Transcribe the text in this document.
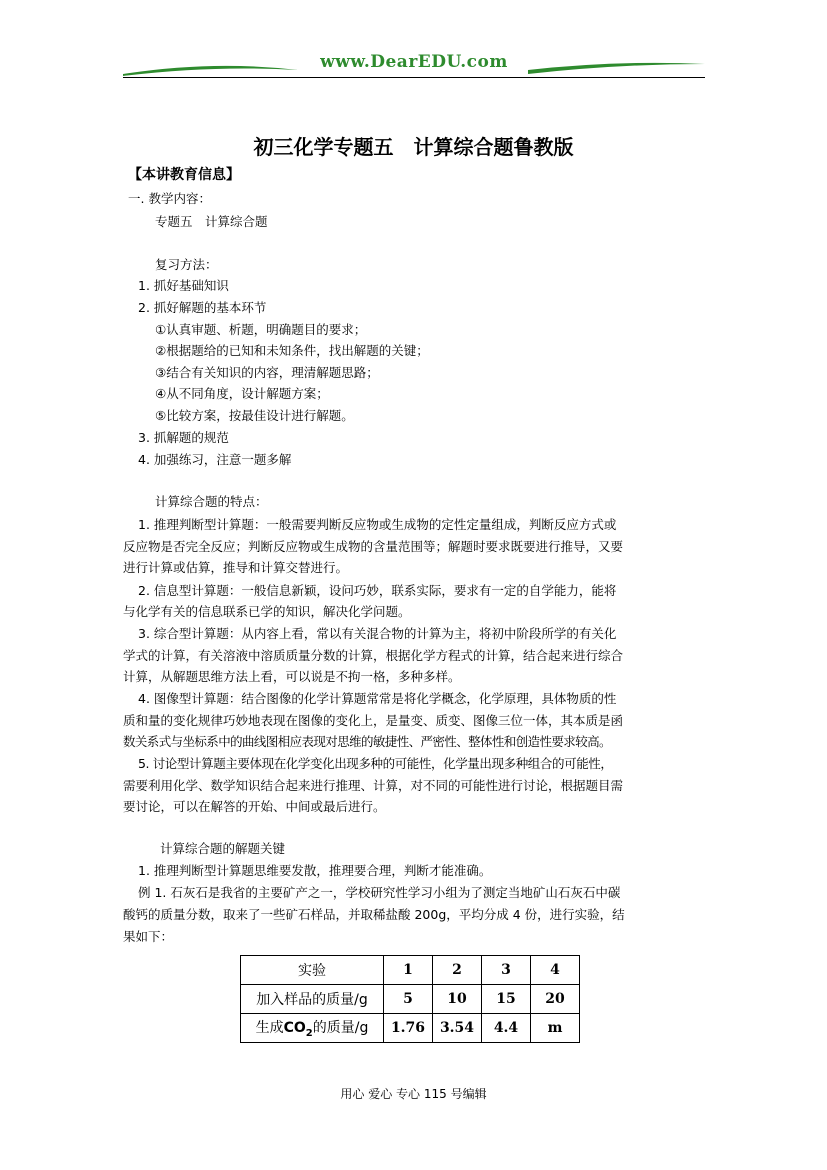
www.DearEDU.com
初三化学专题五　计算综合题鲁教版
【本讲教育信息】
一. 教学内容：
专题五　计算综合题
复习方法：
1. 抓好基础知识
2. 抓好解题的基本环节
①认真审题、析题，明确题目的要求；
②根据题给的已知和未知条件，找出解题的关键；
③结合有关知识的内容，理清解题思路；
④从不同角度，设计解题方案；
⑤比较方案，按最佳设计进行解题。
3. 抓解题的规范
4. 加强练习，注意一题多解
计算综合题的特点：
1. 推理判断型计算题：一般需要判断反应物或生成物的定性定量组成，判断反应方式或
反应物是否完全反应；判断反应物或生成物的含量范围等；解题时要求既要进行推导，又要
进行计算或估算，推导和计算交替进行。
2. 信息型计算题：一般信息新颖，设问巧妙，联系实际，要求有一定的自学能力，能将
与化学有关的信息联系已学的知识，解决化学问题。
3. 综合型计算题：从内容上看，常以有关混合物的计算为主，将初中阶段所学的有关化
学式的计算，有关溶液中溶质质量分数的计算，根据化学方程式的计算，结合起来进行综合
计算，从解题思维方法上看，可以说是不拘一格，多种多样。
4. 图像型计算题：结合图像的化学计算题常常是将化学概念，化学原理，具体物质的性
质和量的变化规律巧妙地表现在图像的变化上，是量变、质变、图像三位一体，其本质是函
数关系式与坐标系中的曲线图相应表现对思维的敏捷性、严密性、整体性和创造性要求较高。
5. 讨论型计算题主要体现在化学变化出现多种的可能性，化学量出现多种组合的可能性，
需要利用化学、数学知识结合起来进行推理、计算，对不同的可能性进行讨论，根据题目需
要讨论，可以在解答的开始、中间或最后进行。
计算综合题的解题关键
1. 推理判断型计算题思维要发散，推理要合理，判断才能准确。
例 1. 石灰石是我省的主要矿产之一，学校研究性学习小组为了测定当地矿山石灰石中碳
酸钙的质量分数，取来了一些矿石样品，并取稀盐酸 200g，平均分成 4 份，进行实验，结
果如下：
实验	1	2	3	4
加入样品的质量/g	5	10	15	20
生成$CO_2$的质量/g	1.76	3.54	4.4	m
用心 爱心 专心 115 号编辑
